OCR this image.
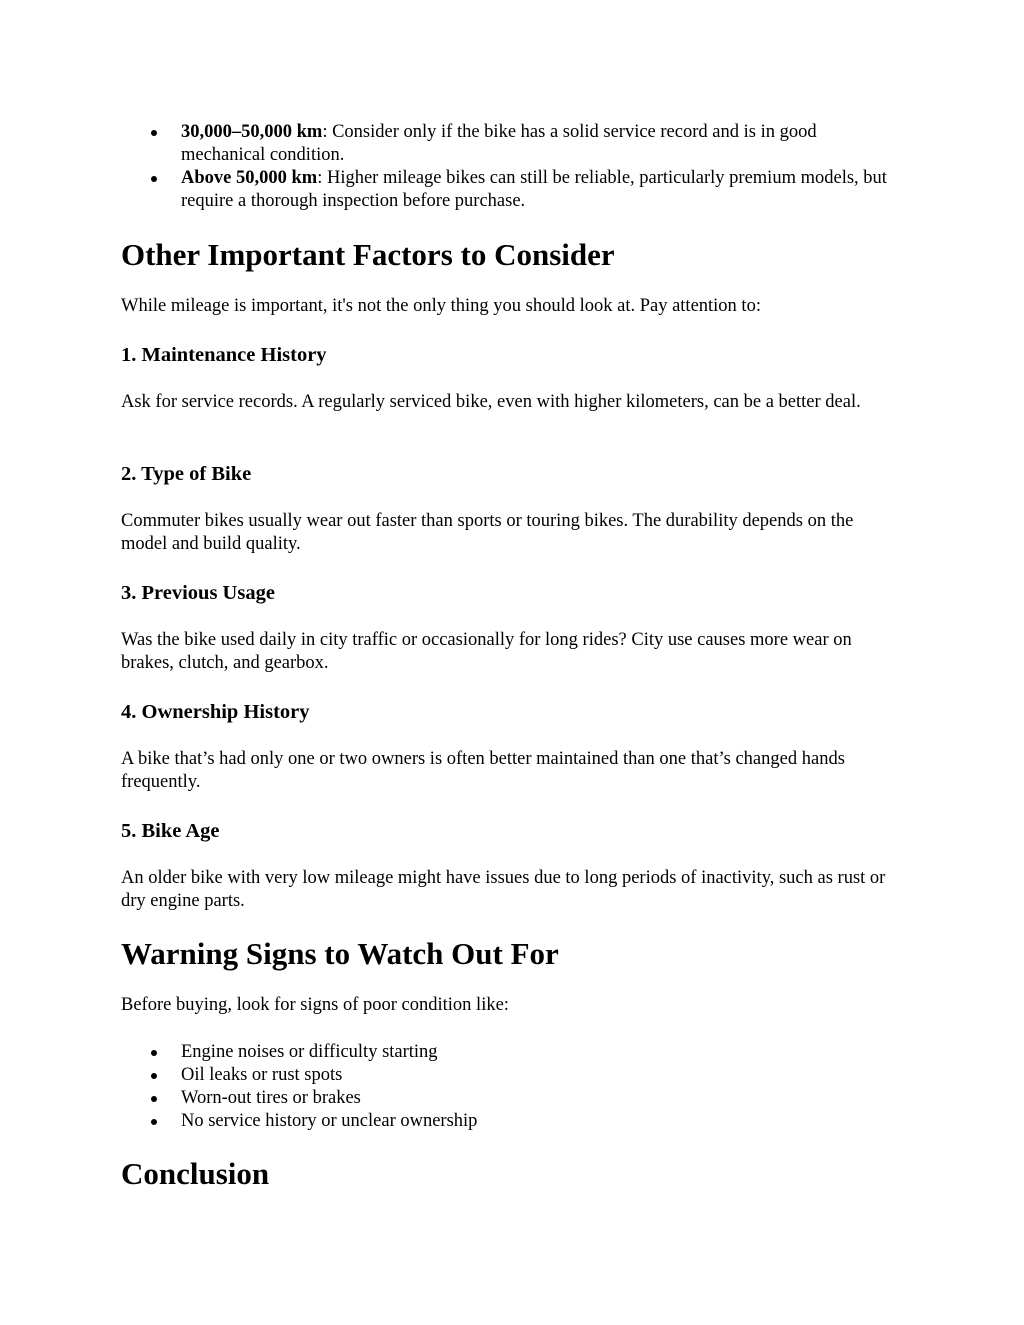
30,000–50,000 km: Consider only if the bike has a solid service record and is in good mechanical condition.
Above 50,000 km: Higher mileage bikes can still be reliable, particularly premium models, but require a thorough inspection before purchase.
Other Important Factors to Consider

While mileage is important, it's not the only thing you should look at. Pay attention to:

1. Maintenance History

Ask for service records. A regularly serviced bike, even with higher kilometers, can be a better deal.

2. Type of Bike

Commuter bikes usually wear out faster than sports or touring bikes. The durability depends on the model and build quality.

3. Previous Usage

Was the bike used daily in city traffic or occasionally for long rides? City use causes more wear on brakes, clutch, and gearbox.

4. Ownership History

A bike that’s had only one or two owners is often better maintained than one that’s changed hands frequently.

5. Bike Age

An older bike with very low mileage might have issues due to long periods of inactivity, such as rust or dry engine parts.

Warning Signs to Watch Out For

Before buying, look for signs of poor condition like:

Engine noises or difficulty starting
Oil leaks or rust spots
Worn-out tires or brakes
No service history or unclear ownership
Conclusion
